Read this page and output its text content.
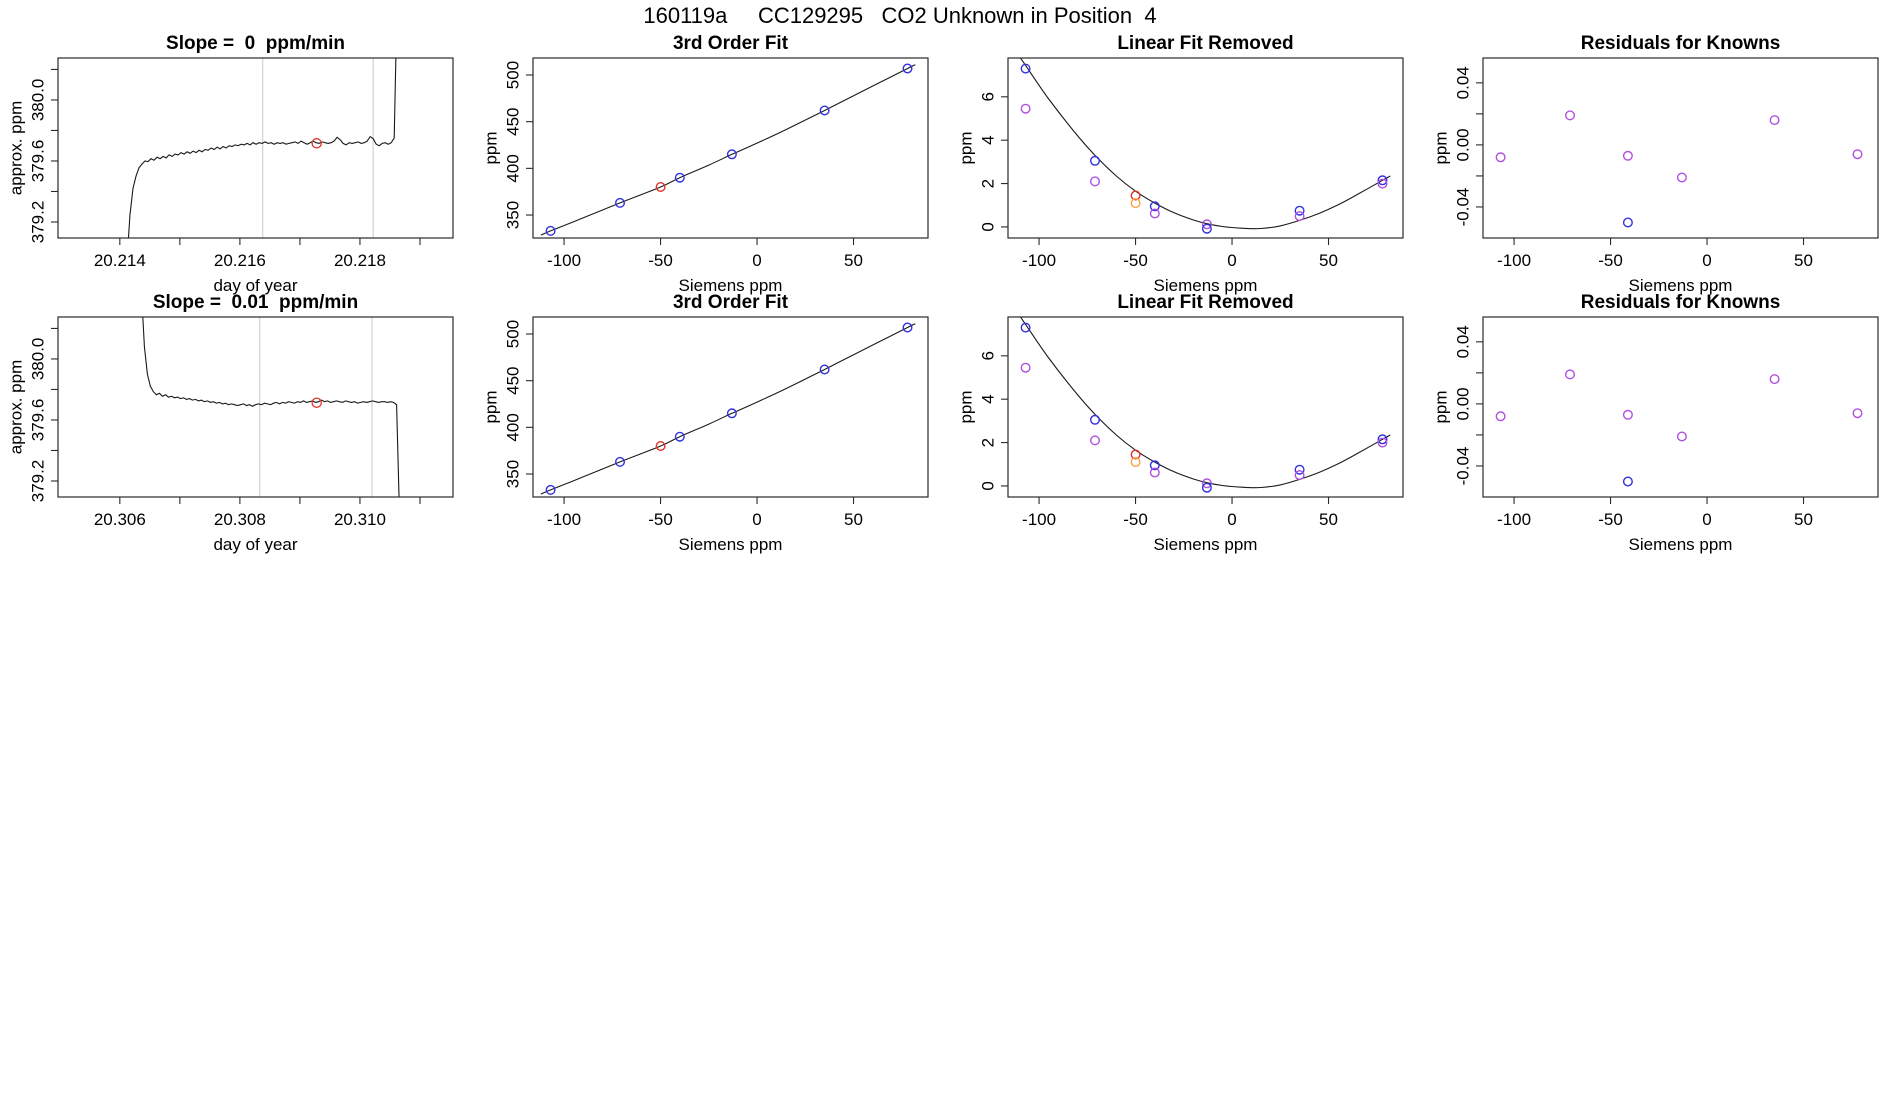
160119a     CC129295   CO2 Unknown in Position  4
20.214	20.216	20.218
379.2
379.6
380.0
Slope =  0  ppm/min
day of year
approx. ppm
-100	-50	0	50
350
400
450
500
3rd Order Fit
Siemens ppm
ppm
-100	-50	0	50
0
2
4
6
Linear Fit Removed
Siemens ppm
ppm
-100	-50	0	50
-0.04
0.00
0.04
Residuals for Knowns
Siemens ppm
ppm
20.306	20.308	20.310
379.2
379.6
380.0
Slope =  0.01  ppm/min
day of year
approx. ppm
-100	-50	0	50
350
400
450
500
3rd Order Fit
Siemens ppm
ppm
-100	-50	0	50
0
2
4
6
Linear Fit Removed
Siemens ppm
ppm
-100	-50	0	50
-0.04
0.00
0.04
Residuals for Knowns
Siemens ppm
ppm
